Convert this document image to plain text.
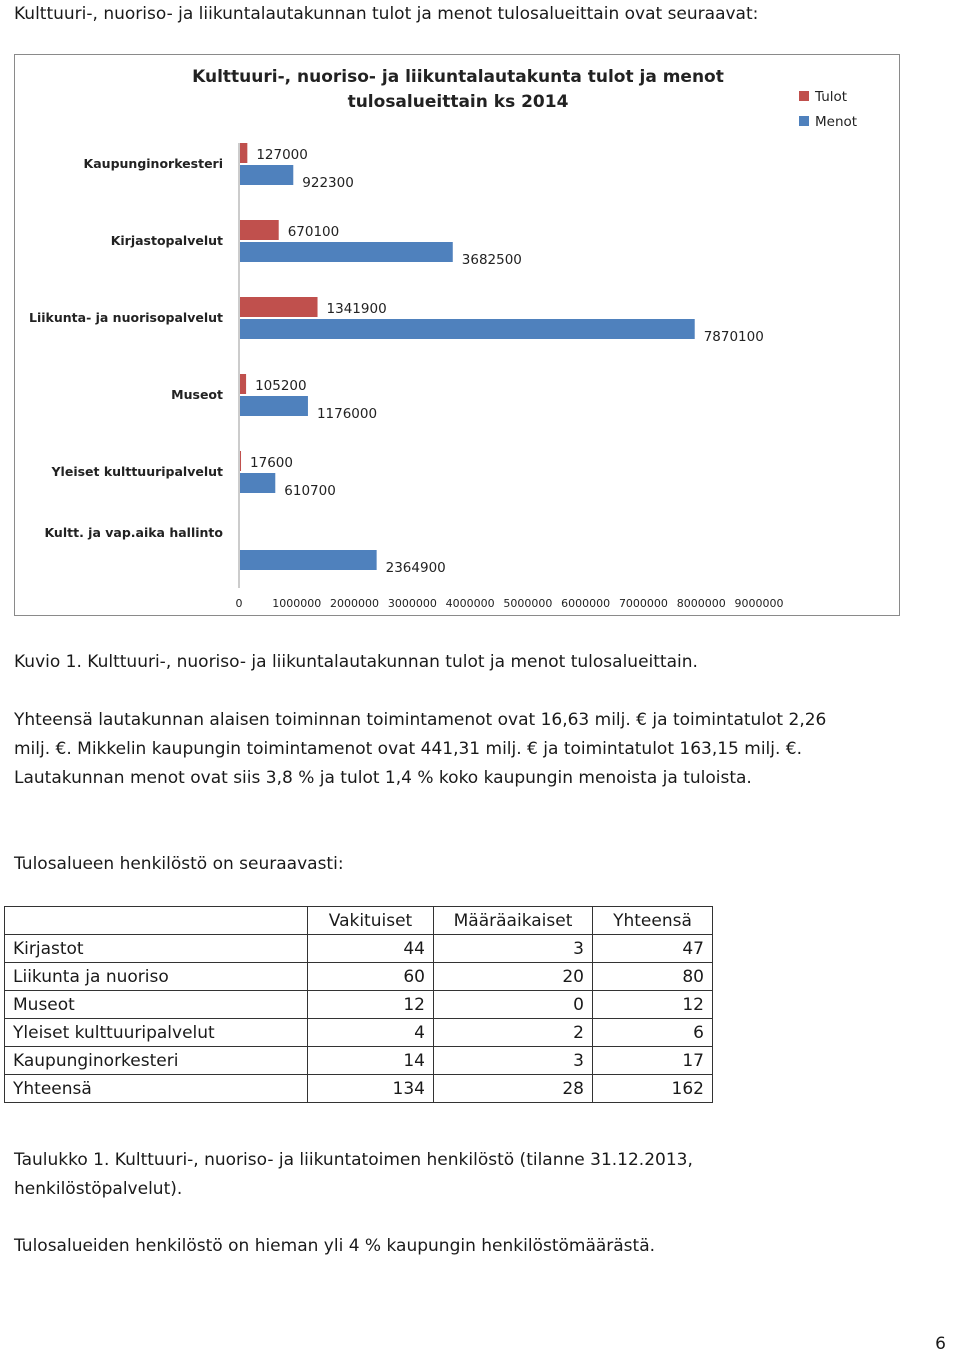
Kulttuuri-, nuoriso- ja liikuntalautakunnan tulot ja menot tulosalueittain ovat seuraavat:
Kulttuuri-, nuoriso- ja liikuntalautakunta tulot ja menot
tulosalueittain ks 2014	Tulot
Menot
Kaupunginorkesteri
127000
922300
Kirjastopalvelut
670100
3682500
Liikunta- ja nuorisopalvelut
1341900
7870100
Museot
105200
1176000
Yleiset kulttuuripalvelut
17600
610700
Kultt. ja vap.aika hallinto
2364900
0	1000000 2000000 3000000 4000000 5000000 6000000 7000000 8000000 9000000
Kuvio 1. Kulttuuri-, nuoriso- ja liikuntalautakunnan tulot ja menot tulosalueittain.
Yhteensä lautakunnan alaisen toiminnan toimintamenot ovat 16,63 milj. € ja toimintatulot 2,26
milj. €. Mikkelin kaupungin toimintamenot ovat 441,31 milj. € ja toimintatulot 163,15 milj. €.
Lautakunnan menot ovat siis 3,8 % ja tulot 1,4 % koko kaupungin menoista ja tuloista.
Tulosalueen henkilöstö on seuraavasti:
	Vakituiset	Määräaikaiset	Yhteensä
Kirjastot	44	3	47
Liikunta ja nuoriso	60	20	80
Museot	12	0	12
Yleiset kulttuuripalvelut	4	2	6
Kaupunginorkesteri	14	3	17
Yhteensä	134	28	162
Taulukko 1. Kulttuuri-, nuoriso- ja liikuntatoimen henkilöstö (tilanne 31.12.2013,
henkilöstöpalvelut).
Tulosalueiden henkilöstö on hieman yli 4 % kaupungin henkilöstömäärästä.
6
